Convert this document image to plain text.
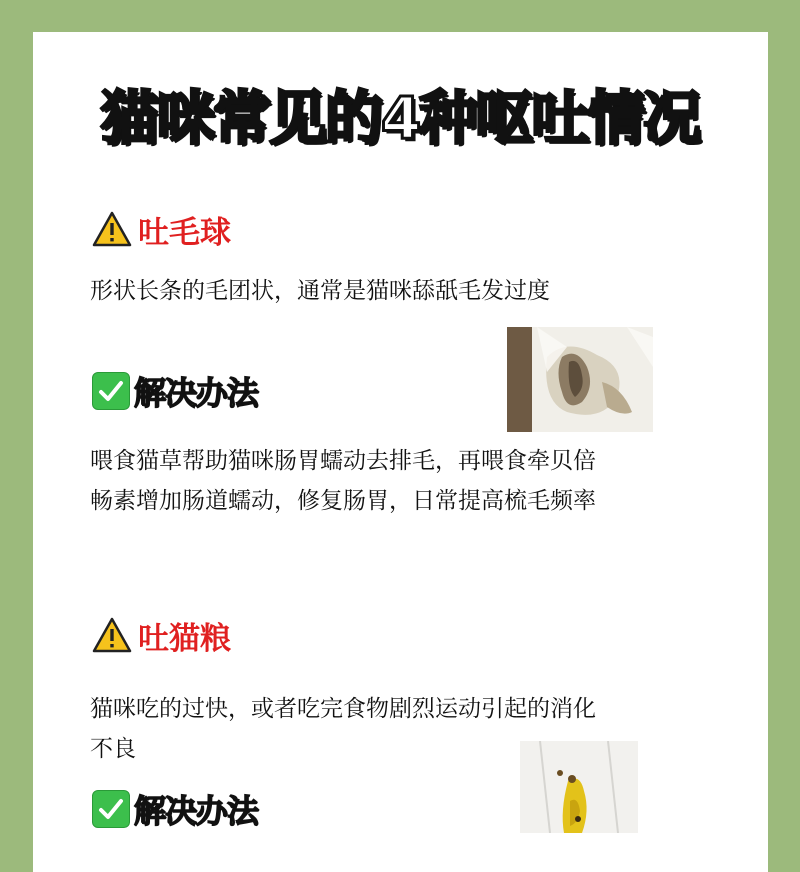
猫咪常见的4种呕吐情况
吐毛球
形状长条的毛团状，通常是猫咪舔舐毛发过度
解决办法
喂食猫草帮助猫咪肠胃蠕动去排毛，再喂食牵贝倍
畅素增加肠道蠕动，修复肠胃，日常提高梳毛频率
吐猫粮
猫咪吃的过快，或者吃完食物剧烈运动引起的消化
不良
解决办法
